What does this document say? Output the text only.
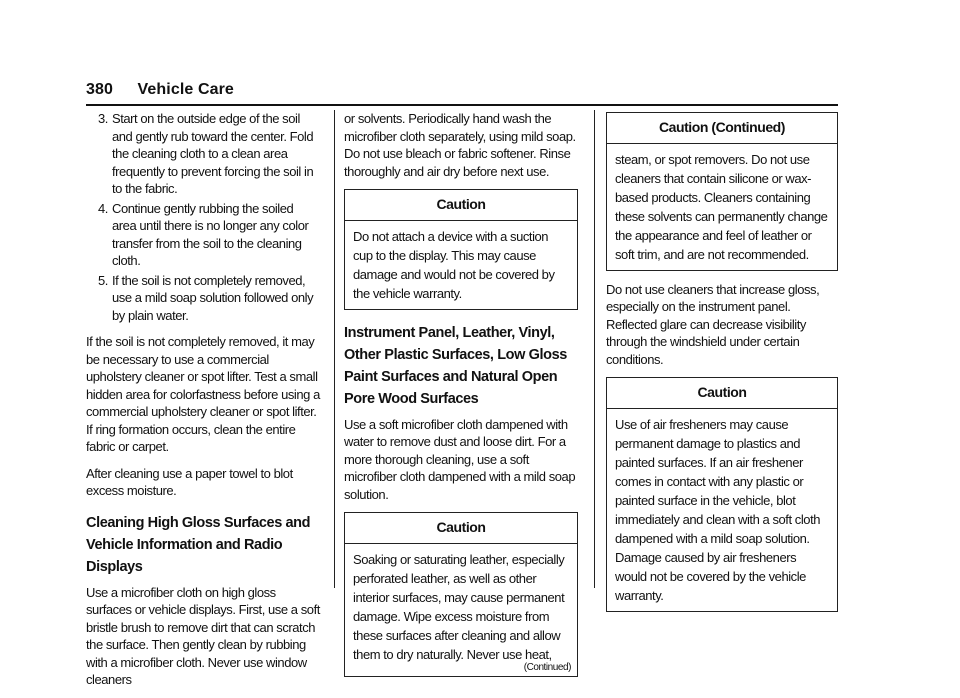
380 Vehicle Care
3. Start on the outside edge of the soil and gently rub toward the center. Fold the cleaning cloth to a clean area frequently to prevent forcing the soil in to the fabric.
4. Continue gently rubbing the soiled area until there is no longer any color transfer from the soil to the cleaning cloth.
5. If the soil is not completely removed, use a mild soap solution followed only by plain water.

If the soil is not completely removed, it may be necessary to use a commercial upholstery cleaner or spot lifter. Test a small hidden area for colorfastness before using a commercial upholstery cleaner or spot lifter. If ring formation occurs, clean the entire fabric or carpet.

After cleaning use a paper towel to blot excess moisture.

Cleaning High Gloss Surfaces and Vehicle Information and Radio Displays

Use a microfiber cloth on high gloss surfaces or vehicle displays. First, use a soft bristle brush to remove dirt that can scratch the surface. Then gently clean by rubbing with a microfiber cloth. Never use window cleaners

or solvents. Periodically hand wash the microfiber cloth separately, using mild soap. Do not use bleach or fabric softener. Rinse thoroughly and air dry before next use.

Caution
Do not attach a device with a suction cup to the display. This may cause damage and would not be covered by the vehicle warranty.
Instrument Panel, Leather, Vinyl, Other Plastic Surfaces, Low Gloss Paint Surfaces and Natural Open Pore Wood Surfaces

Use a soft microfiber cloth dampened with water to remove dust and loose dirt. For a more thorough cleaning, use a soft microfiber cloth dampened with a mild soap solution.

Caution
Soaking or saturating leather, especially perforated leather, as well as other interior surfaces, may cause permanent damage. Wipe excess moisture from these surfaces after cleaning and allow them to dry naturally. Never use heat,
(Continued)
Caution (Continued)
steam, or spot removers. Do not use cleaners that contain silicone or wax-based products. Cleaners containing these solvents can permanently change the appearance and feel of leather or soft trim, and are not recommended.

Do not use cleaners that increase gloss, especially on the instrument panel. Reflected glare can decrease visibility through the windshield under certain conditions.

Caution
Use of air fresheners may cause permanent damage to plastics and painted surfaces. If an air freshener comes in contact with any plastic or painted surface in the vehicle, blot immediately and clean with a soft cloth dampened with a mild soap solution. Damage caused by air fresheners would not be covered by the vehicle warranty.
